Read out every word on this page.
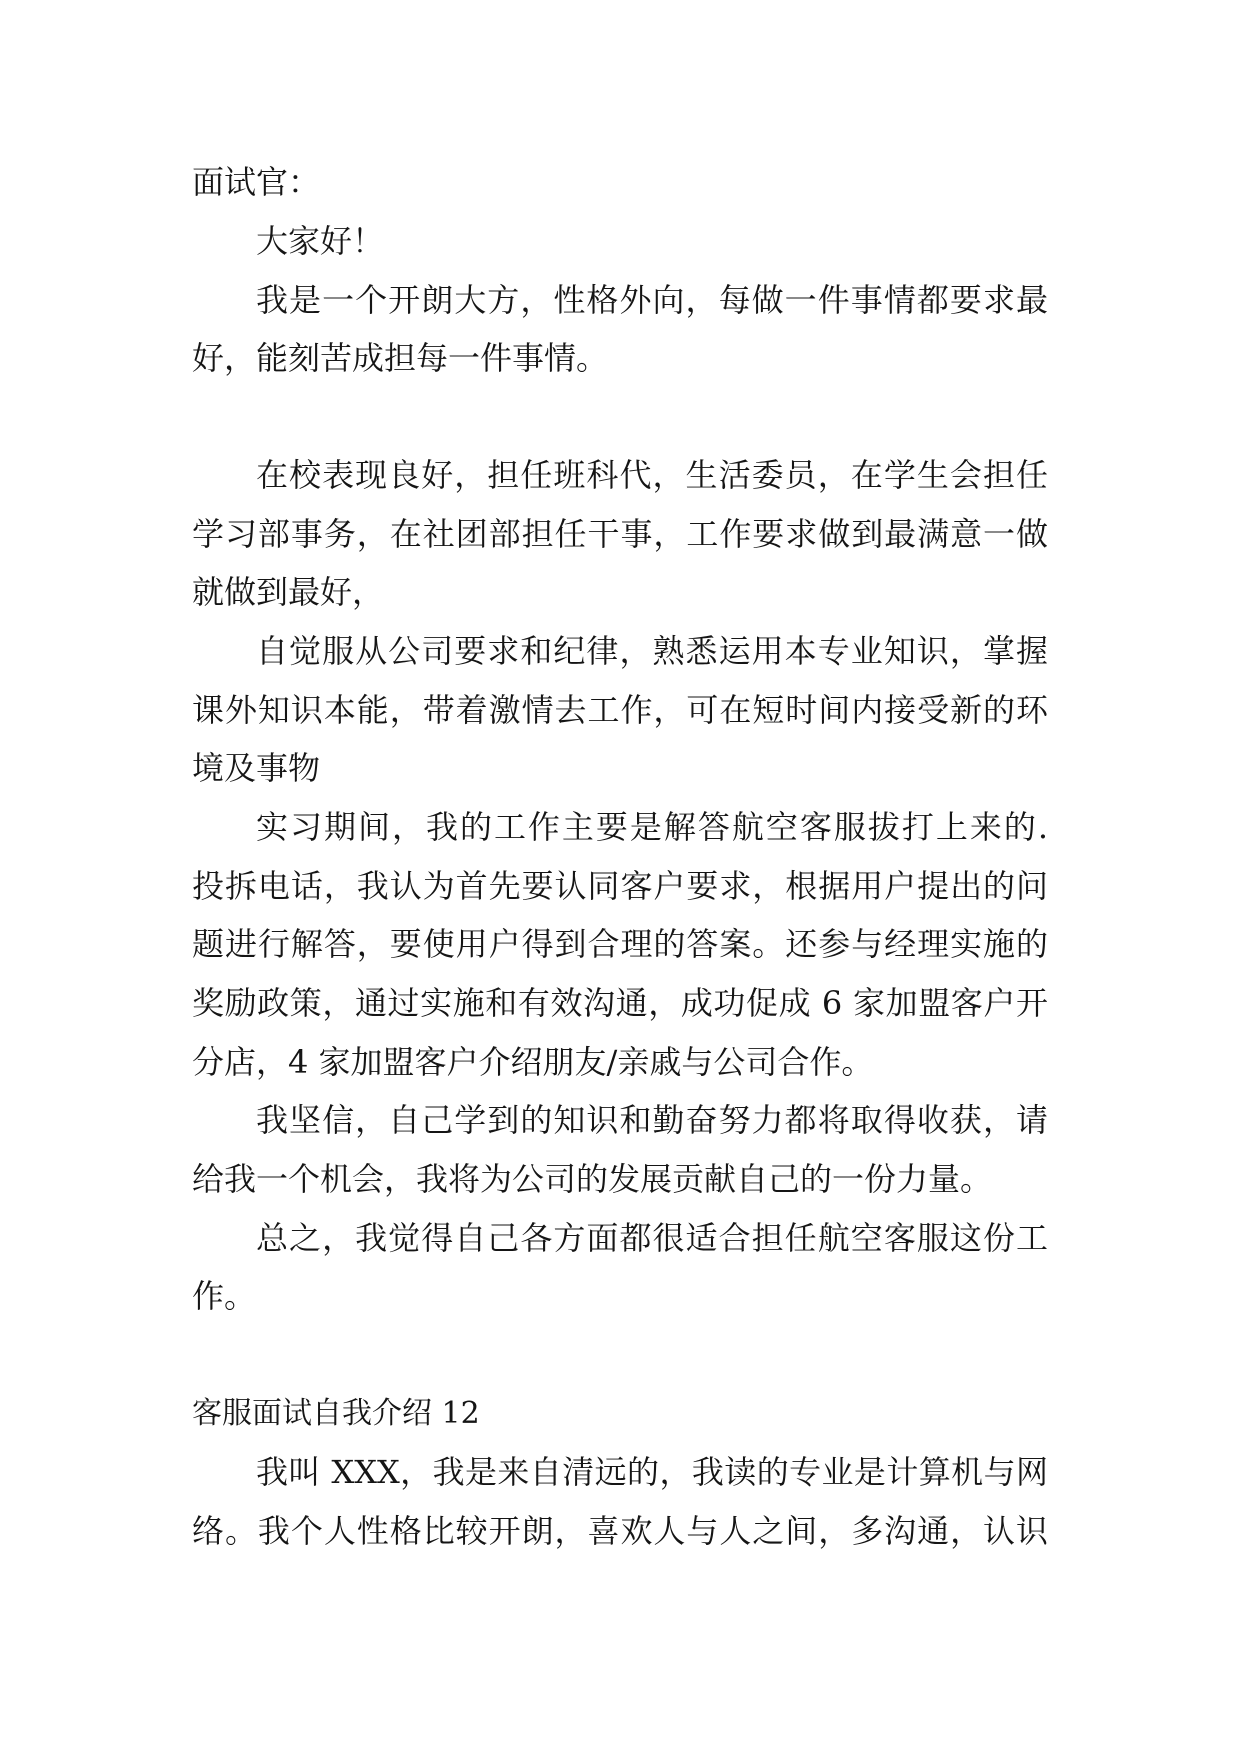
面试官：
大家好！
我是一个开朗大方，性格外向，每做一件事情都要求最
好，能刻苦成担每一件事情。
在校表现良好，担任班科代，生活委员，在学生会担任
学习部事务，在社团部担任干事，工作要求做到最满意一做
就做到最好，
自觉服从公司要求和纪律，熟悉运用本专业知识，掌握
课外知识本能，带着激情去工作，可在短时间内接受新的环
境及事物
实习期间，我的工作主要是解答航空客服拔打上来的.
投拆电话，我认为首先要认同客户要求，根据用户提出的问
题进行解答，要使用户得到合理的答案。还参与经理实施的
奖励政策，通过实施和有效沟通，成功促成 6 家加盟客户开
分店，4 家加盟客户介绍朋友/亲戚与公司合作。
我坚信，自己学到的知识和勤奋努力都将取得收获，请
给我一个机会，我将为公司的发展贡献自己的一份力量。
总之，我觉得自己各方面都很适合担任航空客服这份工
作。
客服面试自我介绍 12
我叫 XXX，我是来自清远的，我读的专业是计算机与网
络。我个人性格比较开朗，喜欢人与人之间，多沟通，认识
